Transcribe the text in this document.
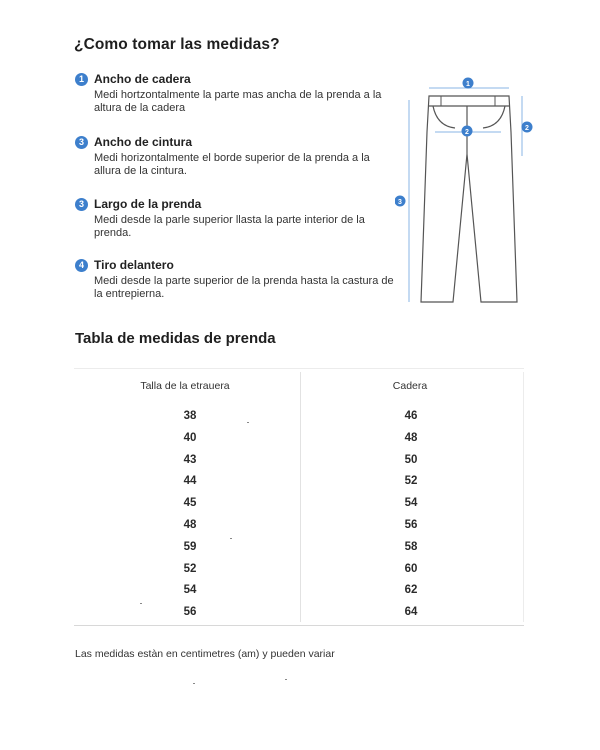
¿Como tomar las medidas?
1 Ancho de cadera
Medi hortzontalmente la parte mas ancha de la prenda a la altura de la cadera
3 Ancho de cintura
Medi horizontalmente el borde superior de la prenda a la allura de la cintura.
3 Largo de la prenda
Medi desde la parle superior llasta la parte interior de la prenda.
4 Tiro delantero
Medi desde la parte superior de la prenda hasta la castura de la entrepierna.
1
2
2
3
Tabla de medidas de prenda
Talla de la etrauera	Cadera
38	46
40	48
43	50
44	52
45	54
48	56
59	58
52	60
54	62
56	64
Las medidas estàn en centimetres (am) y pueden variar
